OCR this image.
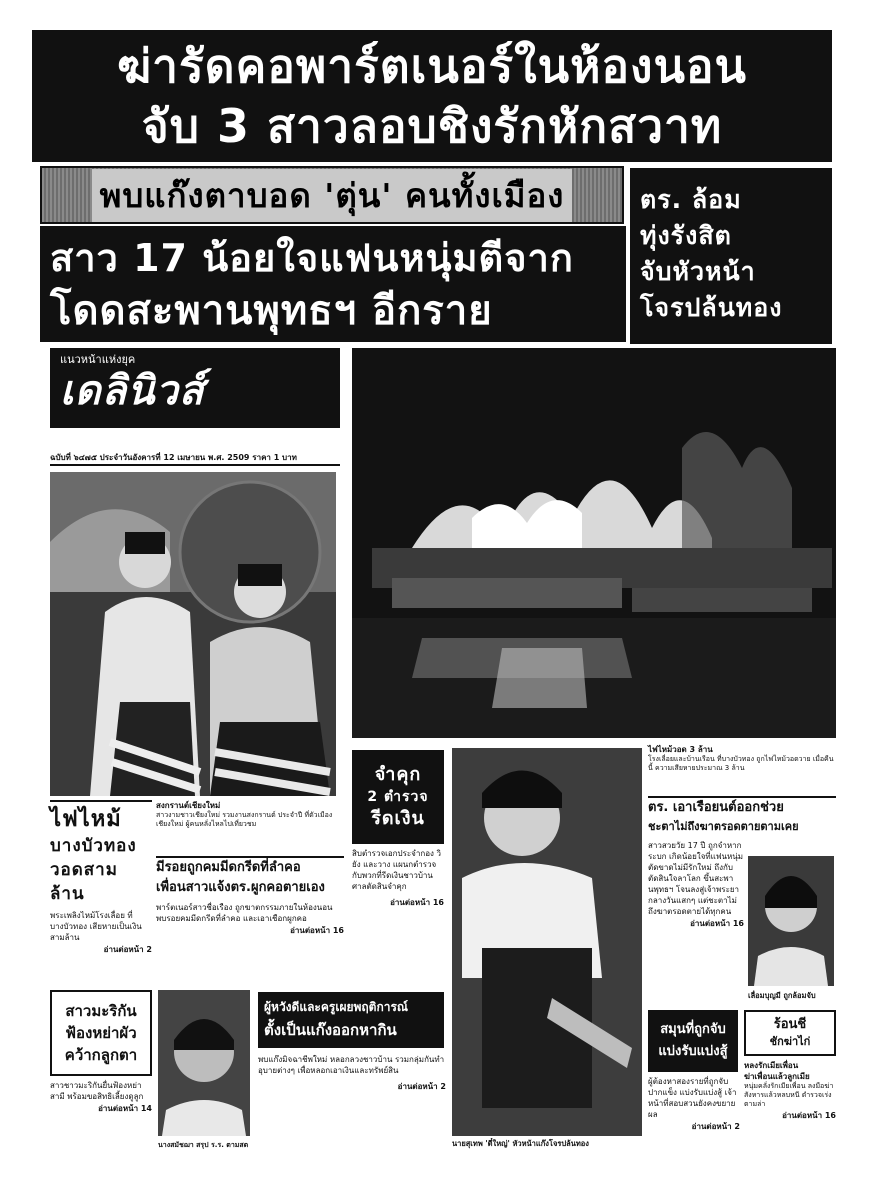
ฆ่ารัดคอพาร์ตเนอร์ในห้องนอน
จับ 3 สาวลอบชิงรักหักสวาท
พบแก๊งตาบอด 'ตุ่น' คนทั้งเมือง
สาว 17 น้อยใจแฟนหนุ่มตีจาก
โดดสะพานพุทธฯ อีกราย
ตร. ล้อม
ทุ่งรังสิต
จับหัวหน้า
โจรปล้นทอง
แนวหน้าแห่งยุค
เดลินิวส์
ฉบับที่ ๖๔๗๕ ประจำวันอังคารที่ 12 เมษายน พ.ศ. 2509 ราคา 1 บาท
ไฟไหม้วอด 3 ล้าน
โรงเลื่อยและบ้านเรือน ที่บางบัวทอง ถูกไฟไหม้วอดวาย เมื่อคืนนี้ ความเสียหายประมาณ 3 ล้าน
ไฟไหม้
บางบัวทอง
วอดสามล้าน
พระเพลิงไหม้โรงเลื่อย ที่บางบัวทอง เสียหายเป็นเงินสามล้าน
อ่านต่อหน้า 2
สงกรานต์เชียงใหม่
สาวงามชาวเชียงใหม่ รวมงานสงกรานต์ ประจำปี ที่ตัวเมืองเชียงใหม่ ผู้คนหลั่งไหลไปเที่ยวชม
มีรอยถูกคมมีดกรีดที่ลำคอ
เพื่อนสาวแจ้งตร.ผูกคอตายเอง
พาร์ตเนอร์สาวชื่อเรือง ถูกฆาตกรรมภายในห้องนอน พบรอยคมมีดกรีดที่ลำคอ และเอาเชือกผูกคอ
อ่านต่อหน้า 16
จำคุก
2 ตำรวจ
รีดเงิน
สิบตำรวจเอกประจำกอง วิ ยัง และวาง แผนกตำรวจ กับพวกที่รีดเงินชาวบ้าน ศาลตัดสินจำคุก
อ่านต่อหน้า 16
นายสุเทพ 'ตี๋ใหญ่' หัวหน้าแก๊งโจรปล้นทอง
ตร. เอาเรือยนต์ออกช่วย
ชะตาไม่ถึงฆาตรอดตายตามเคย
สาวสวยวัย 17 ปี ถูกจำหากระบก เกิดน้อยใจที่แฟนหนุ่ม ตัดขาดไม่มีรักใหม่ ถึงกับตัดสินใจลาโลก ขึ้นสะพานพุทธฯ โจนลงสู่เจ้าพระยา กลางวันแสกๆ แต่ชะตาไม่ถึงฆาตรอดตายได้ทุกคน
อ่านต่อหน้า 16
เลื่อมบุญมี ถูกล้อมจับ
สาวมะริกัน
ฟ้องหย่าผัว
คว้ากลูกตา
สาวชาวมะริกันยื่นฟ้องหย่าสามี พร้อมขอสิทธิเลี้ยงดูลูก
อ่านต่อหน้า 14
นางสมัชฌา สรุป ร.ร. ตามสต
ผู้หวังดีและครูเผยพฤติการณ์
ตั้งเป็นแก๊งออกหากิน
พบแก๊งมิจฉาชีพใหม่ หลอกลวงชาวบ้าน รวมกลุ่มกันทำอุบายต่างๆ เพื่อหลอกเอาเงินและทรัพย์สิน
อ่านต่อหน้า 2
สมุนที่ถูกจับ
แบ่งรับแบ่งสู้
ผู้ต้องหาสองรายที่ถูกจับ ปากแข็ง แบ่งรับแบ่งสู้ เจ้าหน้าที่สอบสวนยังคงขยายผล
อ่านต่อหน้า 2
ร้อนชี
ชักฆ่าไก่
หลงรักเมียเพื่อน
ฆ่าเพื่อนแล้วลูกเมีย
หนุ่มคลั่งรักเมียเพื่อน ลงมือฆ่าสังหารแล้วหลบหนี ตำรวจเร่งตามล่า
อ่านต่อหน้า 16
